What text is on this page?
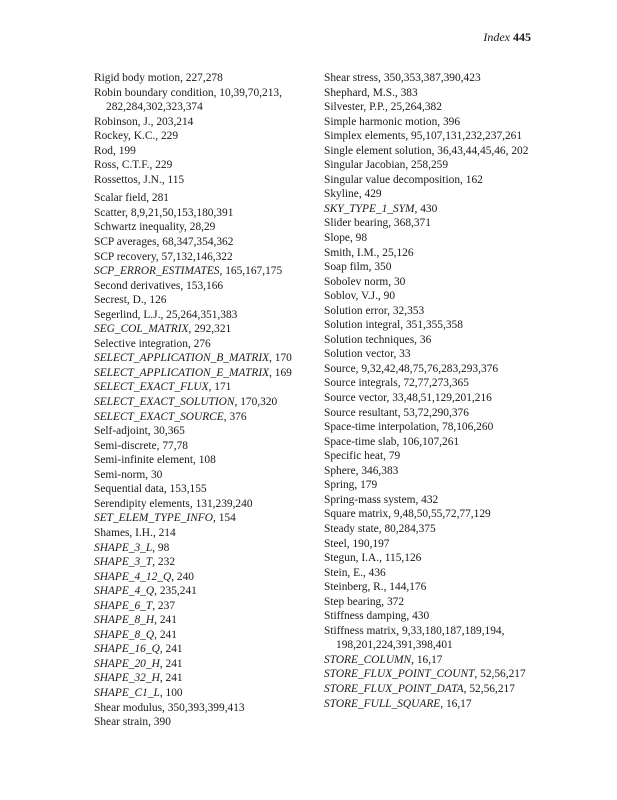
Index 445
Rigid body motion, 227,278
Robin boundary condition, 10,39,70,213, 282,284,302,323,374
Robinson, J., 203,214
Rockey, K.C., 229
Rod, 199
Ross, C.T.F., 229
Rossettos, J.N., 115
Scalar field, 281
Scatter, 8,9,21,50,153,180,391
Schwartz inequality, 28,29
SCP averages, 68,347,354,362
SCP recovery, 57,132,146,322
SCP_ERROR_ESTIMATES, 165,167,175
Second derivatives, 153,166
Secrest, D., 126
Segerlind, L.J., 25,264,351,383
SEG_COL_MATRIX, 292,321
Selective integration, 276
SELECT_APPLICATION_B_MATRIX, 170
SELECT_APPLICATION_E_MATRIX, 169
SELECT_EXACT_FLUX, 171
SELECT_EXACT_SOLUTION, 170,320
SELECT_EXACT_SOURCE, 376
Self-adjoint, 30,365
Semi-discrete, 77,78
Semi-infinite element, 108
Semi-norm, 30
Sequential data, 153,155
Serendipity elements, 131,239,240
SET_ELEM_TYPE_INFO, 154
Shames, I.H., 214
SHAPE_3_L, 98
SHAPE_3_T, 232
SHAPE_4_12_Q, 240
SHAPE_4_Q, 235,241
SHAPE_6_T, 237
SHAPE_8_H, 241
SHAPE_8_Q, 241
SHAPE_16_Q, 241
SHAPE_20_H, 241
SHAPE_32_H, 241
SHAPE_C1_L, 100
Shear modulus, 350,393,399,413
Shear strain, 390
Shear stress, 350,353,387,390,423
Shephard, M.S., 383
Silvester, P.P., 25,264,382
Simple harmonic motion, 396
Simplex elements, 95,107,131,232,237,261
Single element solution, 36,43,44,45,46, 202
Singular Jacobian, 258,259
Singular value decomposition, 162
Skyline, 429
SKY_TYPE_1_SYM, 430
Slider bearing, 368,371
Slope, 98
Smith, I.M., 25,126
Soap film, 350
Sobolev norm, 30
Soblov, V.J., 90
Solution error, 32,353
Solution integral, 351,355,358
Solution techniques, 36
Solution vector, 33
Source, 9,32,42,48,75,76,283,293,376
Source integrals, 72,77,273,365
Source vector, 33,48,51,129,201,216
Source resultant, 53,72,290,376
Space-time interpolation, 78,106,260
Space-time slab, 106,107,261
Specific heat, 79
Sphere, 346,383
Spring, 179
Spring-mass system, 432
Square matrix, 9,48,50,55,72,77,129
Steady state, 80,284,375
Steel, 190,197
Stegun, I.A., 115,126
Stein, E., 436
Steinberg, R., 144,176
Step bearing, 372
Stiffness damping, 430
Stiffness matrix, 9,33,180,187,189,194, 198,201,224,391,398,401
STORE_COLUMN, 16,17
STORE_FLUX_POINT_COUNT, 52,56,217
STORE_FLUX_POINT_DATA, 52,56,217
STORE_FULL_SQUARE, 16,17
